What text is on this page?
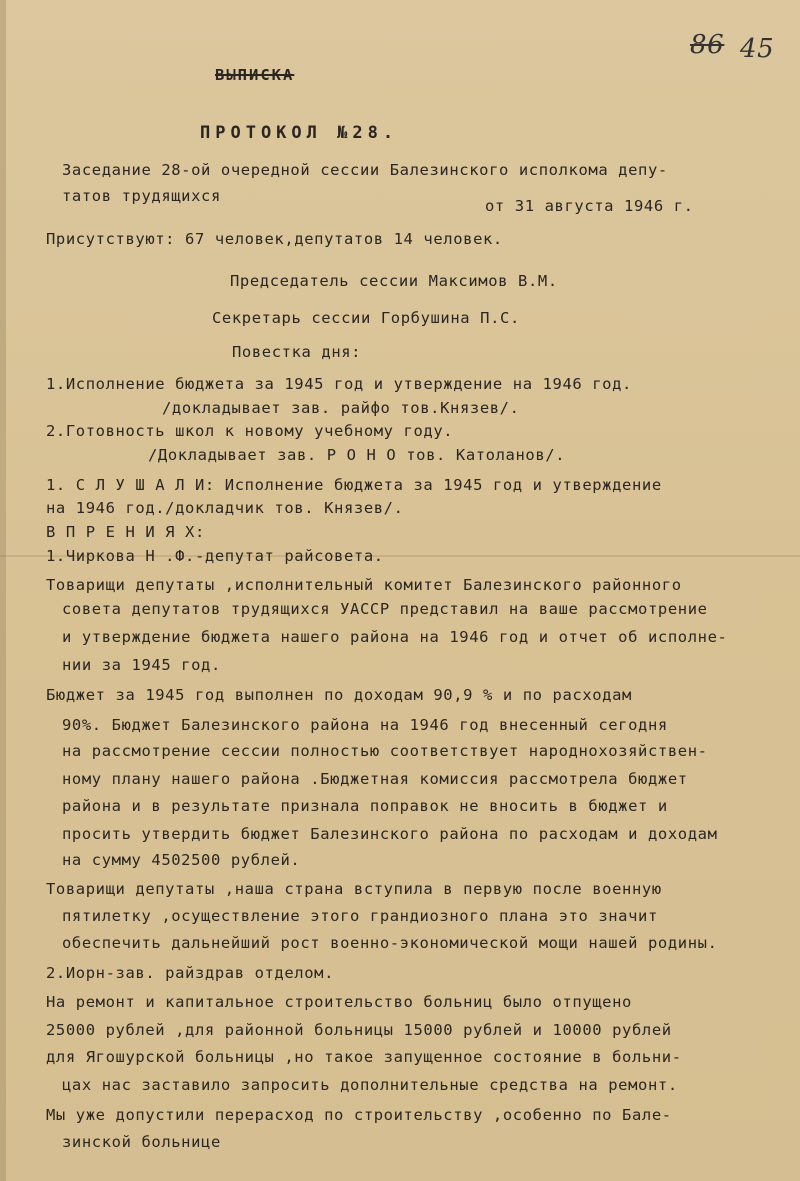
86 45
ВЫПИСКА
ПРОТОКОЛ №28.
Заседание 28-ой очередной сессии Балезинского исполкома депу-
татов трудящихся
от 31 августа 1946 г.
Присутствуют: 67 человек,депутатов 14 человек.
Председатель сессии Максимов В.М.
Секретарь сессии Горбушина П.С.
Повестка дня:
1.Исполнение бюджета за 1945 год и утверждение на 1946 год.
/докладывает зав. райфо тов.Князев/.
2.Готовность школ к новому учебному году.
/Докладывает зав. Р О Н О тов. Католанов/.
1. С Л У Ш А Л И: Исполнение бюджета за 1945 год и утверждение
на 1946 год./докладчик тов. Князев/.
В П Р Е Н И Я Х:
1.Чиркова Н .Ф.-депутат райсовета.
Товарищи депутаты ,исполнительный комитет Балезинского районного
совета депутатов трудящихся УАССР представил на ваше рассмотрение
и утверждение бюджета нашего района на 1946 год и отчет об исполне-
нии за 1945 год.
Бюджет за 1945 год выполнен по доходам 90,9 % и по расходам
90%. Бюджет Балезинского района на 1946 год внесенный сегодня
на рассмотрение сессии полностью соответствует народнохозяйствен-
ному плану нашего района .Бюджетная комиссия рассмотрела бюджет
района и в результате признала поправок не вносить в бюджет и
просить утвердить бюджет Балезинского района по расходам и доходам
на сумму 4502500 рублей.
Товарищи депутаты ,наша страна вступила в первую после военную
пятилетку ,осуществление этого грандиозного плана это значит
обеспечить дальнейший рост военно-экономической мощи нашей родины.
2.Иорн-зав. райздрав отделом.
На ремонт и капитальное строительство больниц было отпущено
25000 рублей ,для районной больницы 15000 рублей и 10000 рублей
для Ягошурской больницы ,но такое запущенное состояние в больни-
цах нас заставило запросить дополнительные средства на ремонт.
Мы уже допустили перерасход по строительству ,особенно по Бале-
зинской больнице
